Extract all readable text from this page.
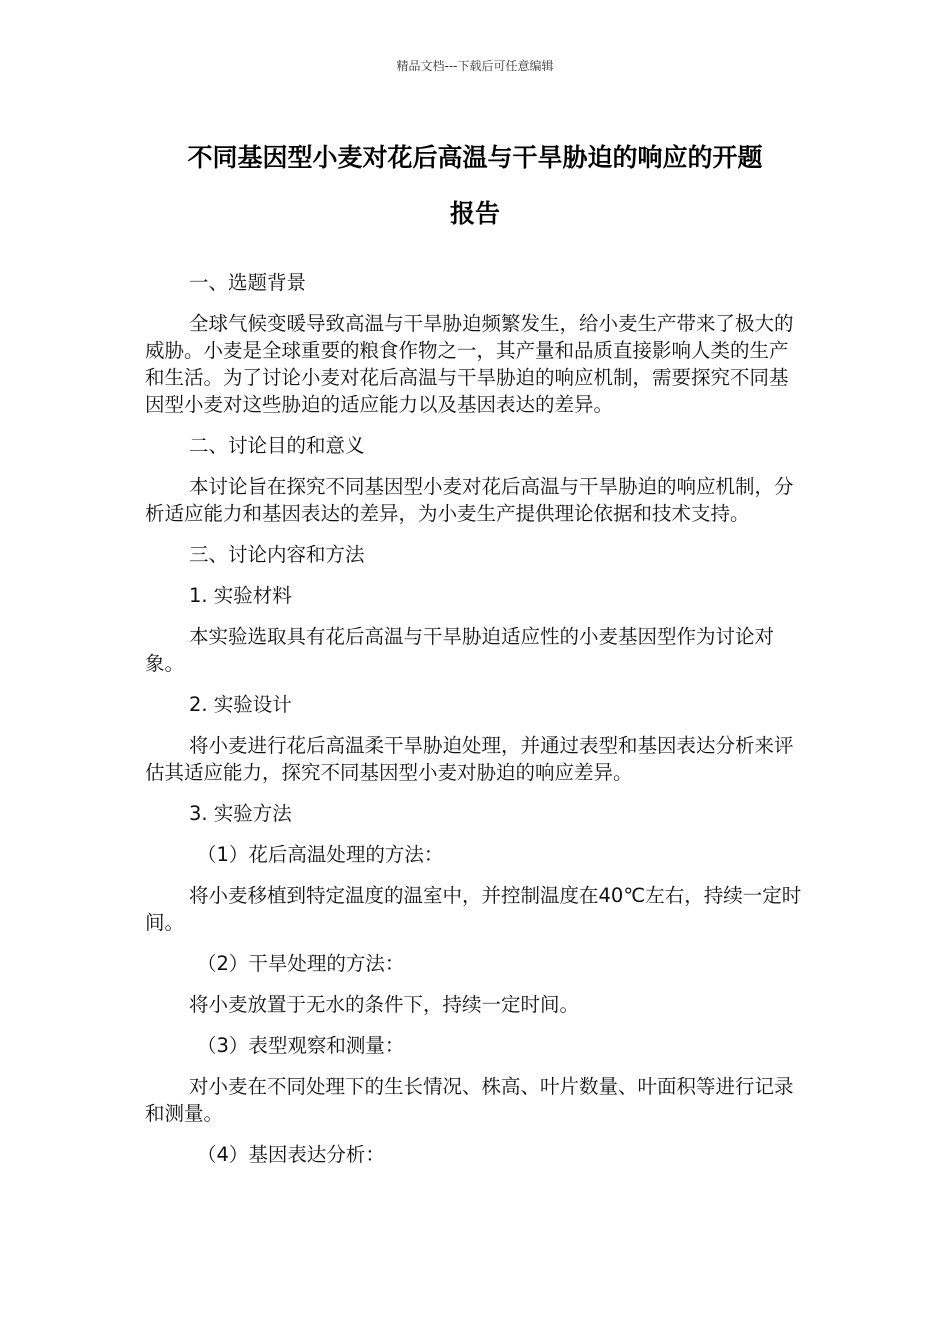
精品文档---下载后可任意编辑
不同基因型小麦对花后高温与干旱胁迫的响应的开题
报告

一、选题背景

全球气候变暖导致高温与干旱胁迫频繁发生，给小麦生产带来了极大的威胁。小麦是全球重要的粮食作物之一，其产量和品质直接影响人类的生产和生活。为了讨论小麦对花后高温与干旱胁迫的响应机制，需要探究不同基因型小麦对这些胁迫的适应能力以及基因表达的差异。

二、讨论目的和意义

本讨论旨在探究不同基因型小麦对花后高温与干旱胁迫的响应机制，分析适应能力和基因表达的差异，为小麦生产提供理论依据和技术支持。

三、讨论内容和方法

1. 实验材料

本实验选取具有花后高温与干旱胁迫适应性的小麦基因型作为讨论对象。

2. 实验设计

将小麦进行花后高温柔干旱胁迫处理，并通过表型和基因表达分析来评估其适应能力，探究不同基因型小麦对胁迫的响应差异。

3. 实验方法

（1）花后高温处理的方法：

将小麦移植到特定温度的温室中，并控制温度在40℃左右，持续一定时间。

（2）干旱处理的方法：

将小麦放置于无水的条件下，持续一定时间。

（3）表型观察和测量：

对小麦在不同处理下的生长情况、株高、叶片数量、叶面积等进行记录和测量。

（4）基因表达分析：
